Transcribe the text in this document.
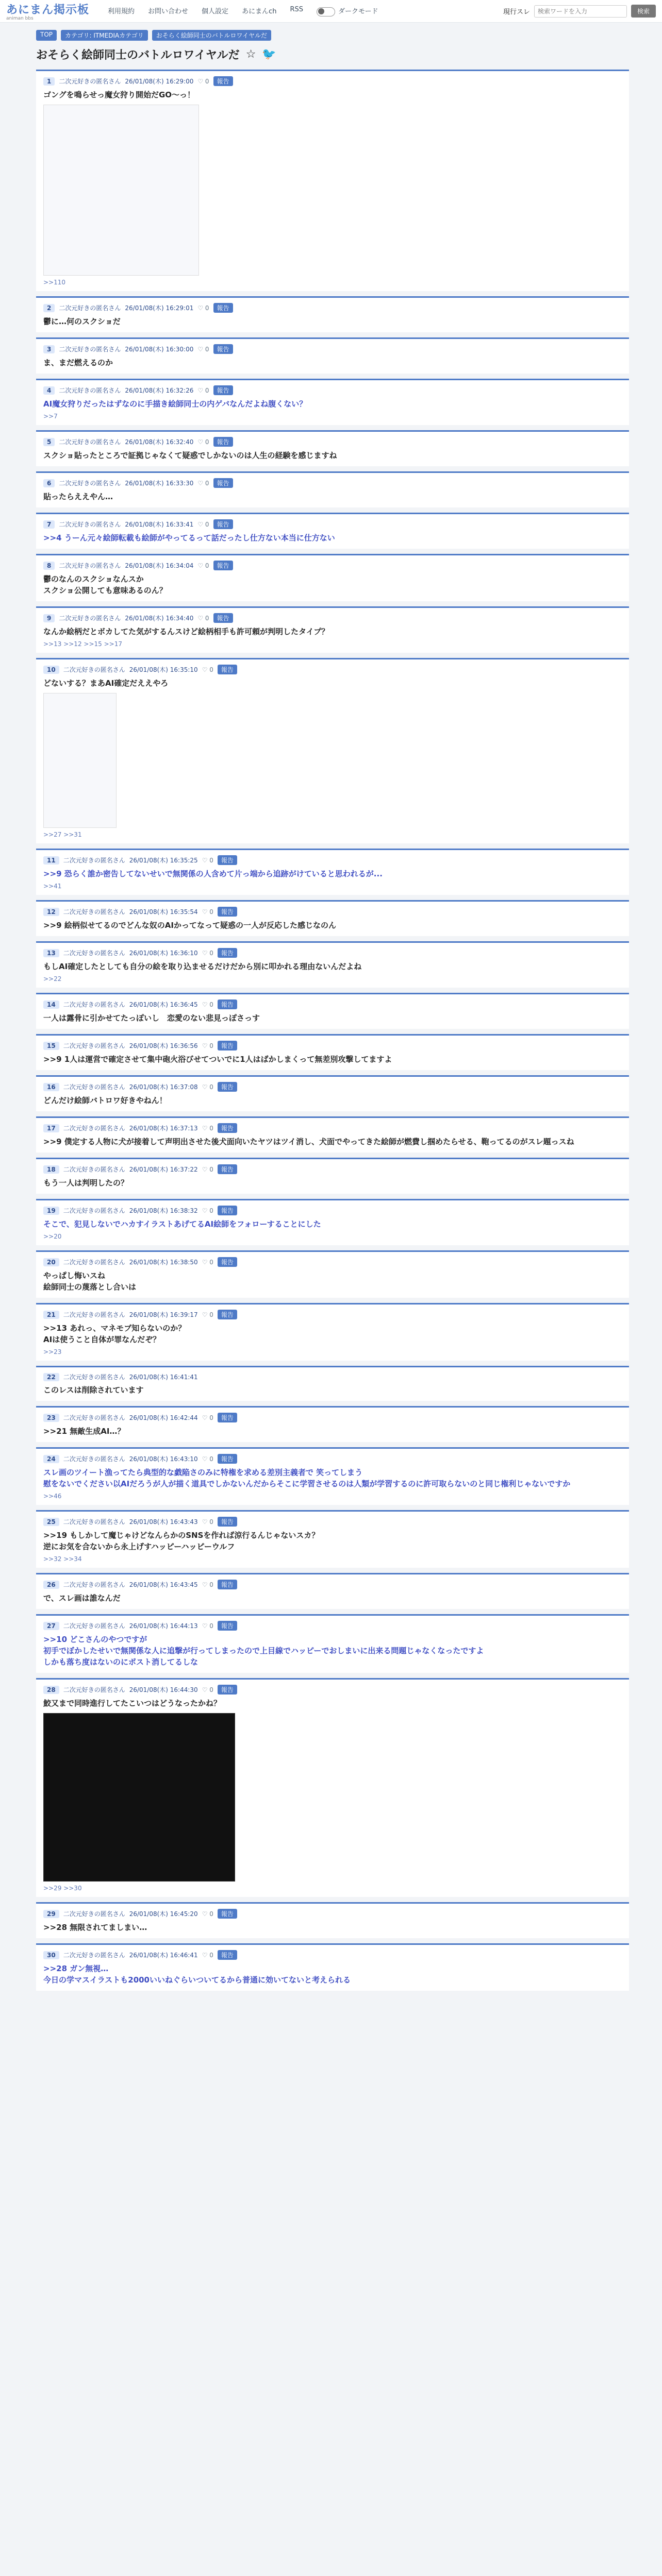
あにまん掲示板
animan bbs
利用規約 お問い合わせ 個人設定 あにまんch RSS	ダークモード	現行スレ
検索ワードを入力	検索
TOP	カテゴリ: ITMEDIAカテゴリ	おそらく絵師同士のバトルロワイヤルだ
おそらく絵師同士のバトルロワイヤルだ ☆ 🐦
1	二次元好きの匿名さん 26/01/08(木) 16:29:00 ♡ 0	報告
ゴングを鳴らせっ魔女狩り開始だGO〜っ！
>>110
2	二次元好きの匿名さん 26/01/08(木) 16:29:01 ♡ 0	報告
鬱に…何のスクショだ
3	二次元好きの匿名さん 26/01/08(木) 16:30:00 ♡ 0	報告
ま、まだ燃えるのか
4	二次元好きの匿名さん 26/01/08(木) 16:32:26 ♡ 0	報告
AI魔女狩りだったはずなのに手描き絵師同士の内ゲバなんだよね腹くない？
>>7
5	二次元好きの匿名さん 26/01/08(木) 16:32:40 ♡ 0	報告
スクショ貼ったところで証拠じゃなくて疑惑でしかないのは人生の経験を感じますね
6	二次元好きの匿名さん 26/01/08(木) 16:33:30 ♡ 0	報告
貼ったらええやん…
7	二次元好きの匿名さん 26/01/08(木) 16:33:41 ♡ 0	報告
>>4 うーん元々絵師転載も絵師がやってるって話だったし仕方ない本当に仕方ない
8	二次元好きの匿名さん 26/01/08(木) 16:34:04 ♡ 0	報告
鬱のなんのスクショなんスか
スクショ公開しても意味あるのん？
9	二次元好きの匿名さん 26/01/08(木) 16:34:40 ♡ 0	報告
なんか絵柄だとボカしてた気がするんスけど絵柄相手も許可頼が判明したタイプ？
>>13 >>12 >>15 >>17
10	二次元好きの匿名さん 26/01/08(木) 16:35:10 ♡ 0	報告
どないする？まあAI確定だええやろ
>>27 >>31
11	二次元好きの匿名さん 26/01/08(木) 16:35:25 ♡ 0	報告
>>9 恐らく誰か密告してないせいで無関係の人含めて片っ端から追跡がけていると思われるが...
>>41
12	二次元好きの匿名さん 26/01/08(木) 16:35:54 ♡ 0	報告
>>9 絵柄似せてるのでどんな奴のAIかってなって疑惑の一人が反応した感じなのん
13	二次元好きの匿名さん 26/01/08(木) 16:36:10 ♡ 0	報告
もしAI確定したとしても自分の絵を取り込ませるだけだから別に叩かれる理由ないんだよね
>>22
14	二次元好きの匿名さん 26/01/08(木) 16:36:45 ♡ 0	報告
一人は露骨に引かせてたっぽいし　恋愛のない悲見っぽさっす
15	二次元好きの匿名さん 26/01/08(木) 16:36:56 ♡ 0	報告
>>9 1人は運営で確定させて集中砲火浴びせてついでに1人はばかしまくって無差別攻撃してますよ
16	二次元好きの匿名さん 26/01/08(木) 16:37:08 ♡ 0	報告
どんだけ絵師バトロワ好きやねん！
17	二次元好きの匿名さん 26/01/08(木) 16:37:13 ♡ 0	報告
>>9 僕定する人物に犬が接着して声明出させた後犬面向いたヤツはツイ消し、犬面でやってきた絵師が燃費し掴めたらせる、鞄ってるのがスレ題っスね
18	二次元好きの匿名さん 26/01/08(木) 16:37:22 ♡ 0	報告
もう一人は判明したの？
19	二次元好きの匿名さん 26/01/08(木) 16:38:32 ♡ 0	報告
そこで、犯見しないでハカすイラストあげてるAI絵師をフォローすることにした
>>20
20	二次元好きの匿名さん 26/01/08(木) 16:38:50 ♡ 0	報告
やっぱし悔いスね
絵師同士の蔑落とし合いは
21	二次元好きの匿名さん 26/01/08(木) 16:39:17 ♡ 0	報告
>>13 あれっ、マネモブ知らないのか？
AIは使うこと自体が罪なんだぞ？
>>23
22	二次元好きの匿名さん 26/01/08(木) 16:41:41
このレスは削除されています
23	二次元好きの匿名さん 26/01/08(木) 16:42:44 ♡ 0	報告
>>21 無敵生成AI…？
24	二次元好きの匿名さん 26/01/08(木) 16:43:10 ♡ 0	報告
スレ画のツイート漁ってたら典型的な戯陥さのみに特権を求める差別主義者で 笑ってしまう
慰をないでください以AIだろうが人が描く道具でしかないんだからそこに学習させるのは人類が学習するのに許可取らないのと同じ権利じゃないですか
>>46
25	二次元好きの匿名さん 26/01/08(木) 16:43:43 ♡ 0	報告
>>19 もしかして魔じゃけどなんらかのSNSを作れば涼行るんじゃないスカ？
逆にお気を合ないから永上げすハッピーハッピーウルフ
>>32 >>34
26	二次元好きの匿名さん 26/01/08(木) 16:43:45 ♡ 0	報告
で、スレ画は誰なんだ
27	二次元好きの匿名さん 26/01/08(木) 16:44:13 ♡ 0	報告
>>10 どこさんのやつですが
初手でぼかしたせいで無関係な人に追撃が行ってしまったので上目線でハッピーでおしまいに出来る問題じゃなくなったですよ
しかも落ち度はないのにポスト消してるしな
28	二次元好きの匿名さん 26/01/08(木) 16:44:30 ♡ 0	報告
鮫又まで同時進行してたこいつはどうなったかね？
>>29 >>30
29	二次元好きの匿名さん 26/01/08(木) 16:45:20 ♡ 0	報告
>>28 無限されてましまい…
30	二次元好きの匿名さん 26/01/08(木) 16:46:41 ♡ 0	報告
>>28 ガン無視…
今日の学マスイラストも2000いいねぐらいついてるから普通に効いてないと考えられる
